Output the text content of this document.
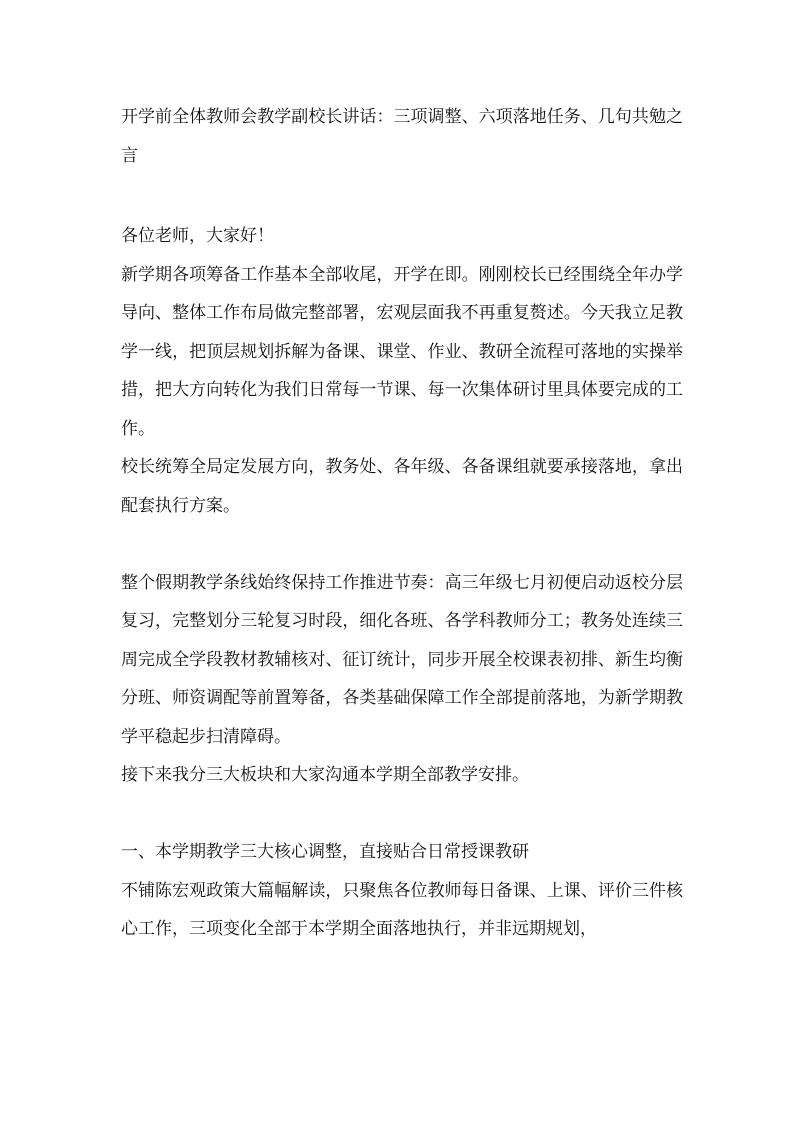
开学前全体教师会教学副校长讲话：三项调整、六项落地任务、几句共勉之言

各位老师，大家好！

新学期各项筹备工作基本全部收尾，开学在即。刚刚校长已经围绕全年办学导向、整体工作布局做完整部署，宏观层面我不再重复赘述。今天我立足教学一线，把顶层规划拆解为备课、课堂、作业、教研全流程可落地的实操举措，把大方向转化为我们日常每一节课、每一次集体研讨里具体要完成的工作。

校长统筹全局定发展方向，教务处、各年级、各备课组就要承接落地，拿出配套执行方案。

整个假期教学条线始终保持工作推进节奏：高三年级七月初便启动返校分层复习，完整划分三轮复习时段，细化各班、各学科教师分工；教务处连续三周完成全学段教材教辅核对、征订统计，同步开展全校课表初排、新生均衡分班、师资调配等前置筹备，各类基础保障工作全部提前落地，为新学期教学平稳起步扫清障碍。

接下来我分三大板块和大家沟通本学期全部教学安排。

一、本学期教学三大核心调整，直接贴合日常授课教研

不铺陈宏观政策大篇幅解读，只聚焦各位教师每日备课、上课、评价三件核心工作，三项变化全部于本学期全面落地执行，并非远期规划，
